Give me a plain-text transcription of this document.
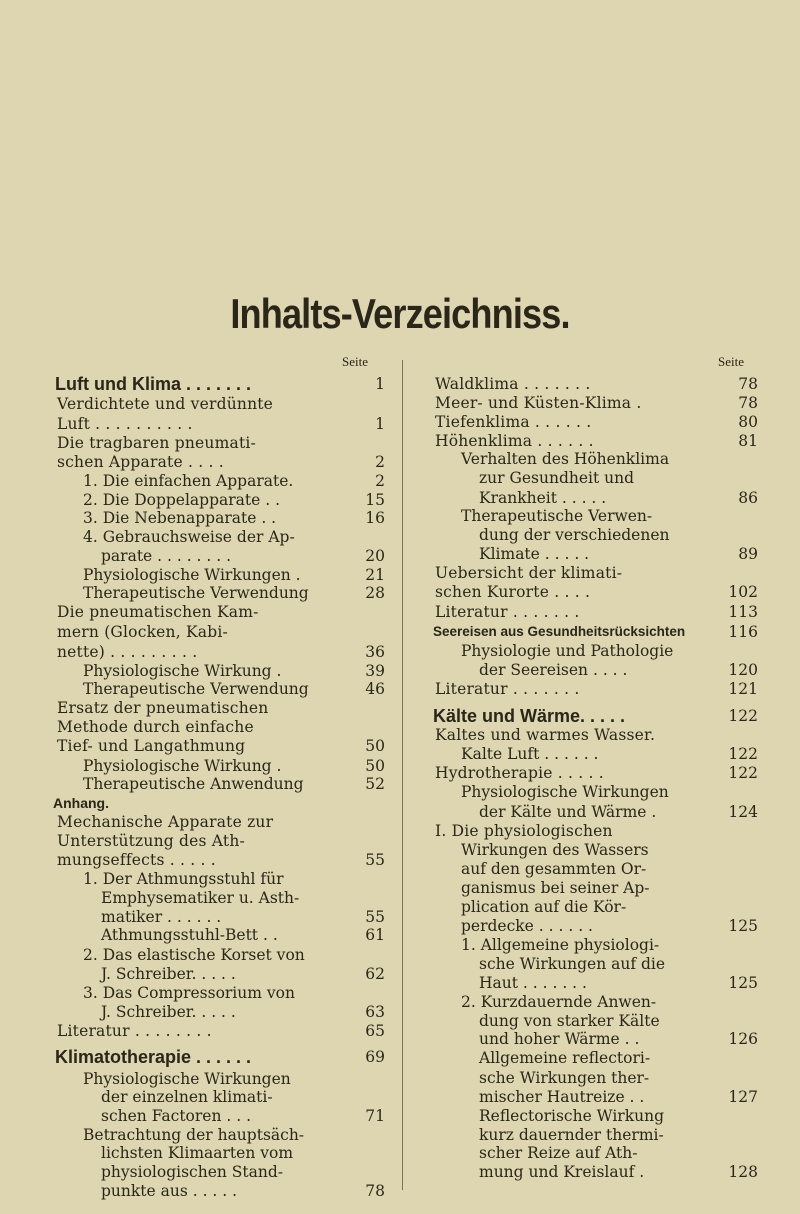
Inhalts-Verzeichniss.
Seite	Seite
Luft und Klima . . . . . . .	1
Verdichtete und verdünnte
Luft . . . . . . . . . .	1
Die tragbaren pneumati-
schen Apparate . . . .	2
1. Die einfachen Apparate.	2
2. Die Doppelapparate . .	15
3. Die Nebenapparate . .	16
4. Gebrauchsweise der Ap-
parate . . . . . . . .	20
Physiologische Wirkungen .	21
Therapeutische Verwendung	28
Die pneumatischen Kam-
mern (Glocken, Kabi-
nette) . . . . . . . . .	36
Physiologische Wirkung .	39
Therapeutische Verwendung	46
Ersatz der pneumatischen
Methode durch einfache
Tief- und Langathmung	50
Physiologische Wirkung .	50
Therapeutische Anwendung	52
Anhang.
Mechanische Apparate zur
Unterstützung des Ath-
mungseffects . . . . .	55
1. Der Athmungsstuhl für
Emphysematiker u. Asth-
matiker . . . . . .	55
Athmungsstuhl-Bett . .	61
2. Das elastische Korset von
J. Schreiber. . . . .	62
3. Das Compressorium von
J. Schreiber. . . . .	63
Literatur . . . . . . . .	65
Klimatotherapie . . . . . .	69
Physiologische Wirkungen
der einzelnen klimati-
schen Factoren . . .	71
Betrachtung der hauptsäch-
lichsten Klimaarten vom
physiologischen Stand-
punkte aus . . . . .	78
Waldklima . . . . . . .	78
Meer- und Küsten-Klima .	78
Tiefenklima . . . . . .	80
Höhenklima . . . . . .	81
Verhalten des Höhenklima
zur Gesundheit und
Krankheit . . . . .	86
Therapeutische Verwen-
dung der verschiedenen
Klimate . . . . .	89
Uebersicht der klimati-
schen Kurorte . . . .	102
Literatur . . . . . . .	113
Seereisen aus Gesundheitsrücksichten	116
Physiologie und Pathologie
der Seereisen . . . .	120
Literatur . . . . . . .	121
Kälte und Wärme. . . . .	122
Kaltes und warmes Wasser.
Kalte Luft . . . . . .	122
Hydrotherapie . . . . .	122
Physiologische Wirkungen
der Kälte und Wärme .	124
I. Die physiologischen
Wirkungen des Wassers
auf den gesammten Or-
ganismus bei seiner Ap-
plication auf die Kör-
perdecke . . . . . .	125
1. Allgemeine physiologi-
sche Wirkungen auf die
Haut . . . . . . .	125
2. Kurzdauernde Anwen-
dung von starker Kälte
und hoher Wärme . .	126
Allgemeine reflectori-
sche Wirkungen ther-
mischer Hautreize . .	127
Reflectorische Wirkung
kurz dauernder thermi-
scher Reize auf Ath-
mung und Kreislauf .	128
